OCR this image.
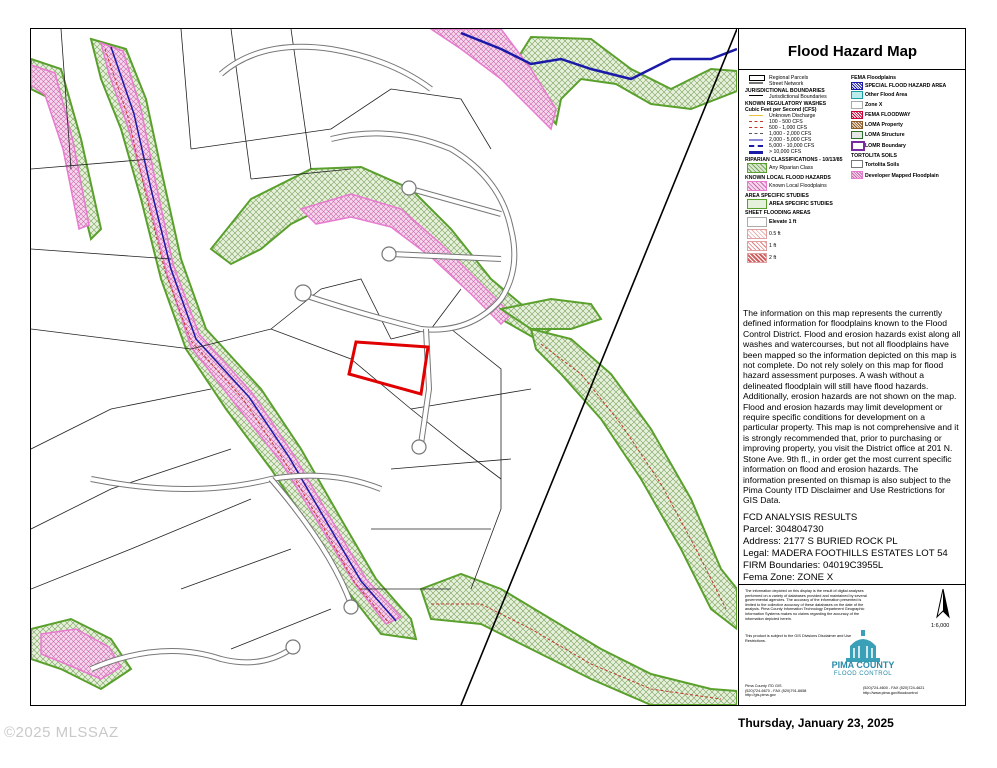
Flood Hazard Map
Regional Parcels
Street Network
JURISDICTIONAL BOUNDARIES
Jurisdictional Boundaries
KNOWN REGULATORY WASHES
Cubic Feet per Second (CFS)
Unknown Discharge
100 - 500 CFS
500 - 1,000 CFS
1,000 - 2,000 CFS
2,000 - 5,000 CFS
5,000 - 10,000 CFS
> 10,000 CFS
RIPARIAN CLASSIFICATIONS - 10/13/85
Any Riparian Class
KNOWN LOCAL FLOOD HAZARDS
Known Local Floodplains
AREA SPECIFIC STUDIES
AREA SPECIFIC STUDIES
SHEET FLOODING AREAS
Elevate 1 ft
0.5 ft
1 ft
2 ft
FEMA Floodplains
SPECIAL FLOOD HAZARD AREA
Other Flood Area
Zone X
FEMA FLOODWAY
LOMA Property
LOMA Structure
LOMR Boundary
TORTOLITA SOILS
Tortolita Soils
Developer Mapped Floodplain
The information on this map represents the currently defined information for floodplains known to the Flood Control District. Flood and erosion hazards exist along all washes and watercourses, but not all floodplains have been mapped so the information depicted on this map is not complete. Do not rely solely on this map for flood hazard assessment purposes. A wash without a delineated floodplain will still have flood hazards. Additionally, erosion hazards are not shown on the map. Flood and erosion hazards may limit development or require specific conditions for development on a particular property. This map is not comprehensive and it is strongly recommended that, prior to purchasing or improving property, you visit the District office at 201 N. Stone Ave. 9th fl., in order get the most current specific information on flood and erosion hazards. The information presented on thismap is also subject to the Pima County ITD Disclaimer and Use Restrictions for GIS Data.
FCD ANALYSIS RESULTS
Parcel: 304804730
Address: 2177 S BURIED ROCK PL
Legal: MADERA FOOTHILLS ESTATES LOT 54
FIRM Boundaries: 04019C3955L
Fema Zone: ZONE X
The information depicted on this display is the result of digital analyses performed on a variety of databases provided and maintained by several governmental agencies. The accuracy of the information presented is limited to the collective accuracy of these databases on the date of the analysis. Pima County Information Technology Department Geographic Information Systems makes no claims regarding the accuracy of the information depicted herein.
This product is subject to the GIS Divisions Disclaimer and Use Restrictions.
N
1:6,000
Pima County ITD GIS
(520)724-6670 - FAX (520)791-6658
http://gis.pima.gov
(520)724-4600 - FAX (520)724-4621
http://www.pima.gov/floodcontrol
PIMA COUNTY
FLOOD CONTROL
Thursday, January 23, 2025
©2025 MLSSAZ
